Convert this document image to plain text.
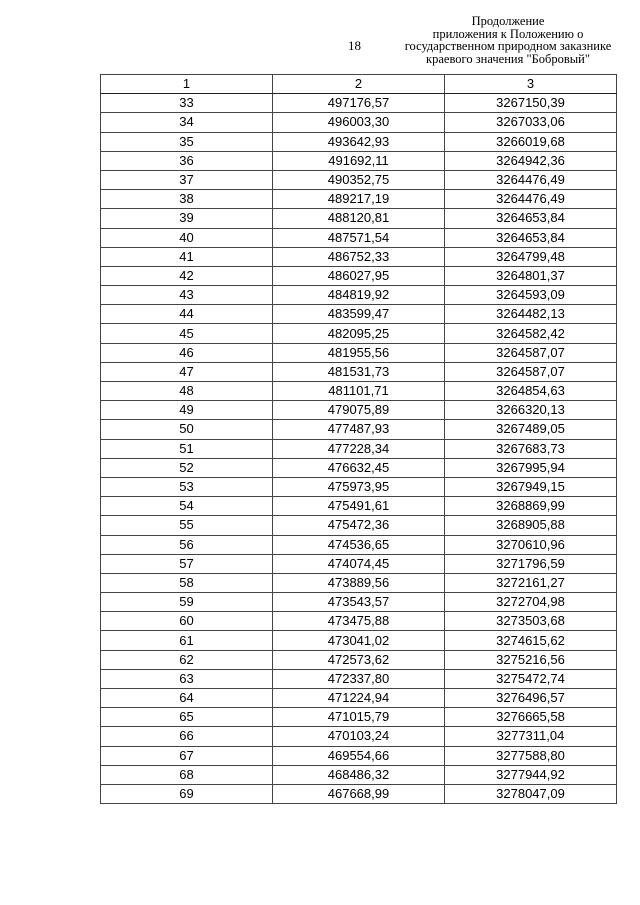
18
Продолжение
приложения к Положению о
государственном природном заказнике
краевого значения "Бобровый"
1	2	3
33	497176,57	3267150,39
34	496003,30	3267033,06
35	493642,93	3266019,68
36	491692,11	3264942,36
37	490352,75	3264476,49
38	489217,19	3264476,49
39	488120,81	3264653,84
40	487571,54	3264653,84
41	486752,33	3264799,48
42	486027,95	3264801,37
43	484819,92	3264593,09
44	483599,47	3264482,13
45	482095,25	3264582,42
46	481955,56	3264587,07
47	481531,73	3264587,07
48	481101,71	3264854,63
49	479075,89	3266320,13
50	477487,93	3267489,05
51	477228,34	3267683,73
52	476632,45	3267995,94
53	475973,95	3267949,15
54	475491,61	3268869,99
55	475472,36	3268905,88
56	474536,65	3270610,96
57	474074,45	3271796,59
58	473889,56	3272161,27
59	473543,57	3272704,98
60	473475,88	3273503,68
61	473041,02	3274615,62
62	472573,62	3275216,56
63	472337,80	3275472,74
64	471224,94	3276496,57
65	471015,79	3276665,58
66	470103,24	3277311,04
67	469554,66	3277588,80
68	468486,32	3277944,92
69	467668,99	3278047,09
